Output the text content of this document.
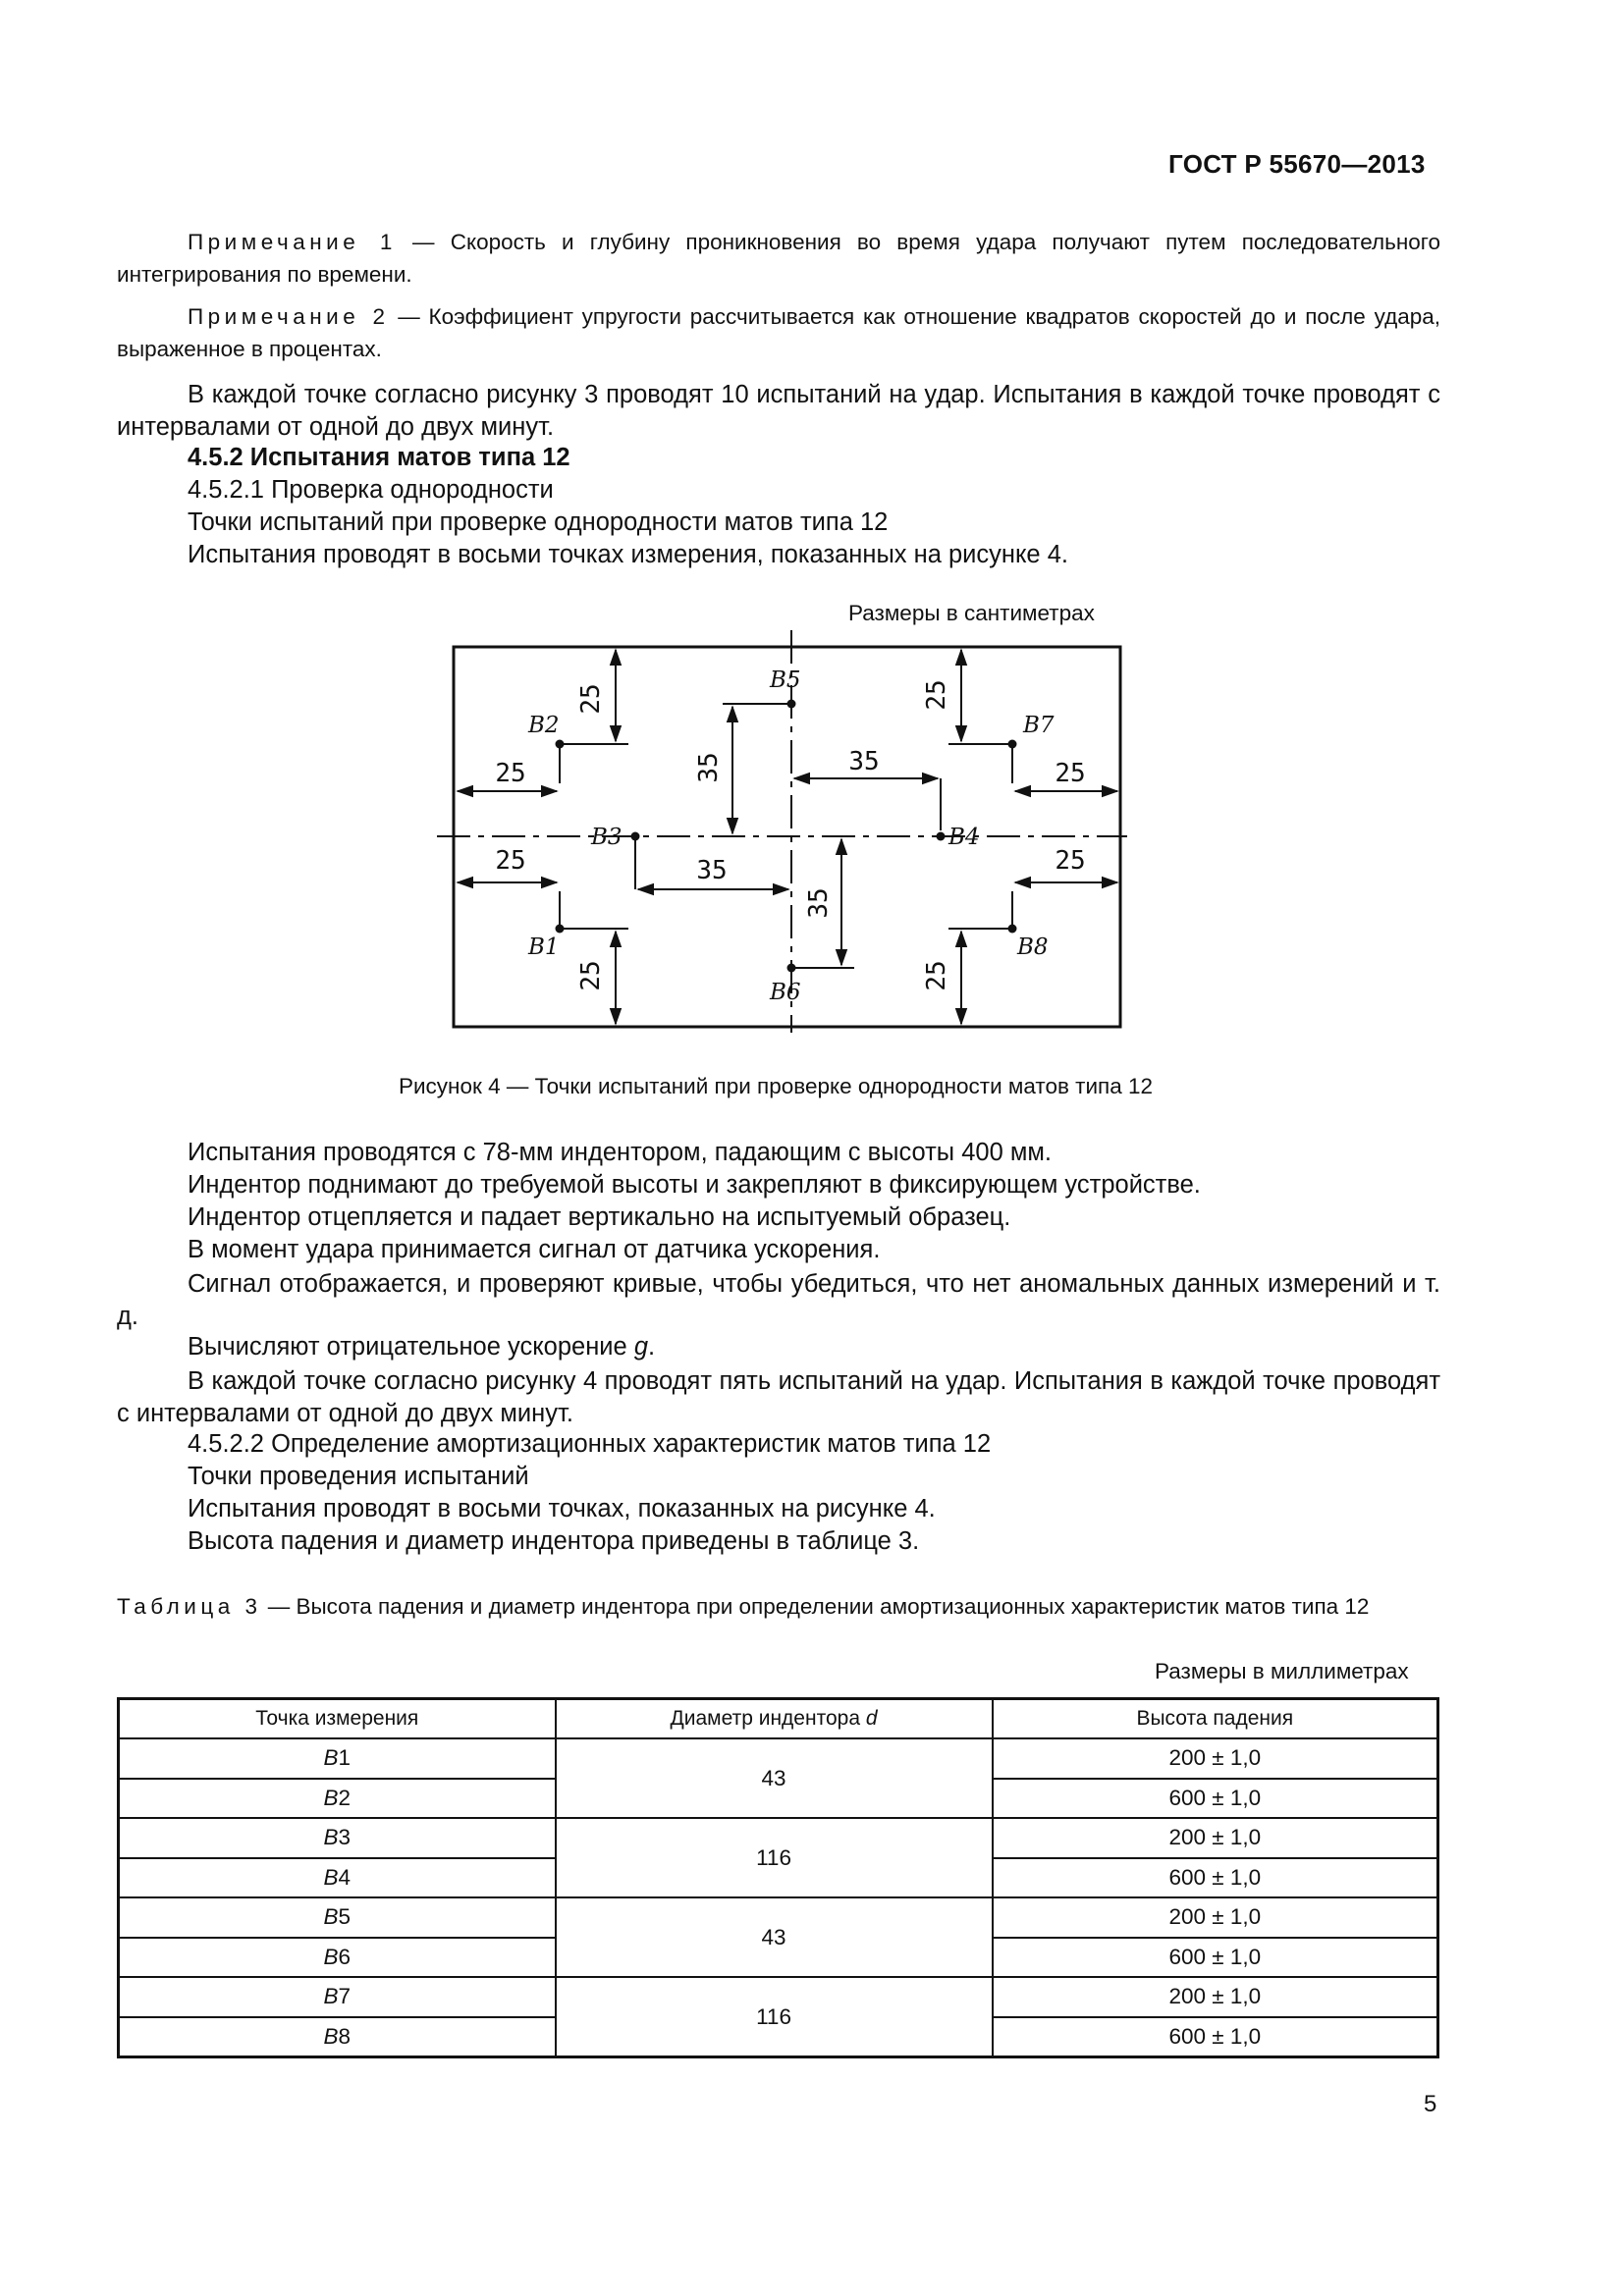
ГОСТ Р 55670—2013
Примечание 1 — Скорость и глубину проникновения во время удара получают путем последовательного интегрирования по времени.
Примечание 2 — Коэффициент упругости рассчитывается как отношение квадратов скоростей до и после удара, выраженное в процентах.
В каждой точке согласно рисунку 3 проводят 10 испытаний на удар. Испытания в каждой точке проводят с интервалами от одной до двух минут.
4.5.2 Испытания матов типа 12
4.5.2.1 Проверка однородности
Точки испытаний при проверке однородности матов типа 12
Испытания проводят в восьми точках измерения, показанных на рисунке 4.
Размеры в сантиметрах
B1
B2
B3	B4
B5
B6
B7
B8
25
25
25
25
35	35
35
35
25
25
25
25
Рисунок 4 — Точки испытаний при проверке однородности матов типа 12
Испытания проводятся с 78-мм индентором, падающим с высоты 400 мм.
Индентор поднимают до требуемой высоты и закрепляют в фиксирующем устройстве.
Индентор отцепляется и падает вертикально на испытуемый образец.
В момент удара принимается сигнал от датчика ускорения.
Сигнал отображается, и проверяют кривые, чтобы убедиться, что нет аномальных данных измерений и т. д.
Вычисляют отрицательное ускорение g.
В каждой точке согласно рисунку 4 проводят пять испытаний на удар. Испытания в каждой точке проводят с интервалами от одной до двух минут.
4.5.2.2 Определение амортизационных характеристик матов типа 12
Точки проведения испытаний
Испытания проводят в восьми точках, показанных на рисунке 4.
Высота падения и диаметр индентора приведены в таблице 3.
Таблица 3 — Высота падения и диаметр индентора при определении амортизационных характеристик матов типа 12
Размеры в миллиметрах
Точка измерения	Диаметр индентора d	Высота падения
B1	43	200 ± 1,0
B2		600 ± 1,0
B3	116	200 ± 1,0
B4		600 ± 1,0
B5	43	200 ± 1,0
B6		600 ± 1,0
B7	116	200 ± 1,0
B8		600 ± 1,0
5
